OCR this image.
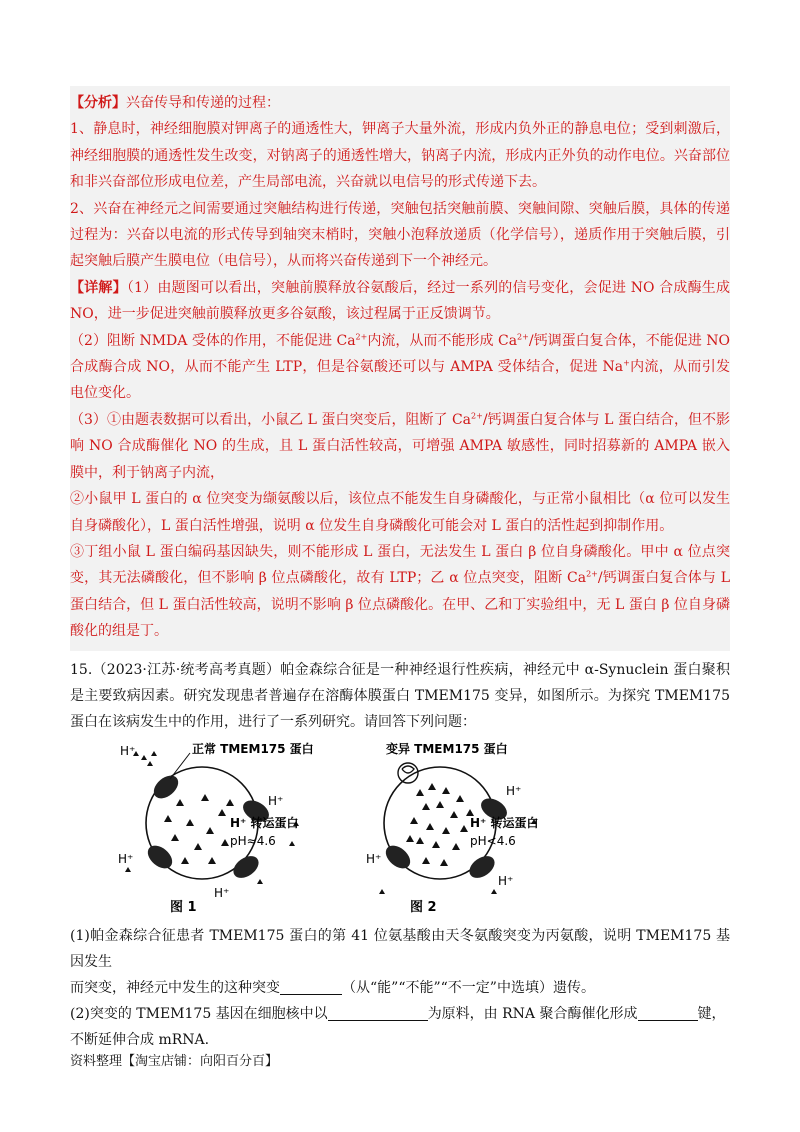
【分析】兴奋传导和传递的过程：

1、静息时，神经细胞膜对钾离子的通透性大，钾离子大量外流，形成内负外正的静息电位；受到刺激后，神经细胞膜的通透性发生改变，对钠离子的通透性增大，钠离子内流，形成内正外负的动作电位。兴奋部位和非兴奋部位形成电位差，产生局部电流，兴奋就以电信号的形式传递下去。

2、兴奋在神经元之间需要通过突触结构进行传递，突触包括突触前膜、突触间隙、突触后膜，具体的传递过程为：兴奋以电流的形式传导到轴突末梢时，突触小泡释放递质（化学信号），递质作用于突触后膜，引起突触后膜产生膜电位（电信号），从而将兴奋传递到下一个神经元。

【详解】（1）由题图可以看出，突触前膜释放谷氨酸后，经过一系列的信号变化，会促进 NO 合成酶生成 NO，进一步促进突触前膜释放更多谷氨酸，该过程属于正反馈调节。

（2）阻断 NMDA 受体的作用，不能促进 $Ca^{2+}$内流，从而不能形成 $Ca^{2+}/$钙调蛋白复合体，不能促进 NO 合成酶合成 NO，从而不能产生 LTP，但是谷氨酸还可以与 AMPA 受体结合，促进 Na+内流，从而引发电位变化。

（3）①由题表数据可以看出，小鼠乙 L 蛋白突变后，阻断了 $Ca^{2+}/$钙调蛋白复合体与 L 蛋白结合，但不影响 NO 合成酶催化 NO 的生成，且 L 蛋白活性较高，可增强 AMPA 敏感性，同时招募新的 AMPA 嵌入膜中，利于钠离子内流，

②小鼠甲 L 蛋白的 α 位突变为缬氨酸以后，该位点不能发生自身磷酸化，与正常小鼠相比（α 位可以发生自身磷酸化），L 蛋白活性增强，说明 α 位发生自身磷酸化可能会对 L 蛋白的活性起到抑制作用。

③丁组小鼠 L 蛋白编码基因缺失，则不能形成 L 蛋白，无法发生 L 蛋白 β 位自身磷酸化。甲中 α 位点突变，其无法磷酸化，但不影响 β 位点磷酸化，故有 LTP；乙 α 位点突变，阻断 $Ca^{2+}/$钙调蛋白复合体与 L 蛋白结合，但 L 蛋白活性较高，说明不影响 β 位点磷酸化。在甲、乙和丁实验组中，无 L 蛋白 β 位自身磷酸化的组是丁。

15.（2023·江苏·统考高考真题）帕金森综合征是一种神经退行性疾病，神经元中 α-Synuclein 蛋白聚积是主要致病因素。研究发现患者普遍存在溶酶体膜蛋白 TMEM175 变异，如图所示。为探究 TMEM175 蛋白在该病发生中的作用，进行了一系列研究。请回答下列问题：

H⁺	正常 TMEM175 蛋白
H⁺
H⁺ 转运蛋白
pH≈4.6
H⁺
H⁺
图 1
变异 TMEM175 蛋白
H⁺
H⁺ 转运蛋白
pH<4.6
H⁺
H⁺
图 2

(1)帕金森综合征患者 TMEM175 蛋白的第 41 位氨基酸由天冬氨酸突变为丙氨酸，说明 TMEM175 基因发生
而突变，神经元中发生的这种突变	（从“能”“不能”“不一定”中选填）遗传。

(2)突变的 TMEM175 基因在细胞核中以	为原料，由 RNA 聚合酶催化形成	键，
不断延伸合成 mRNA.

资料整理【淘宝店铺：向阳百分百】
